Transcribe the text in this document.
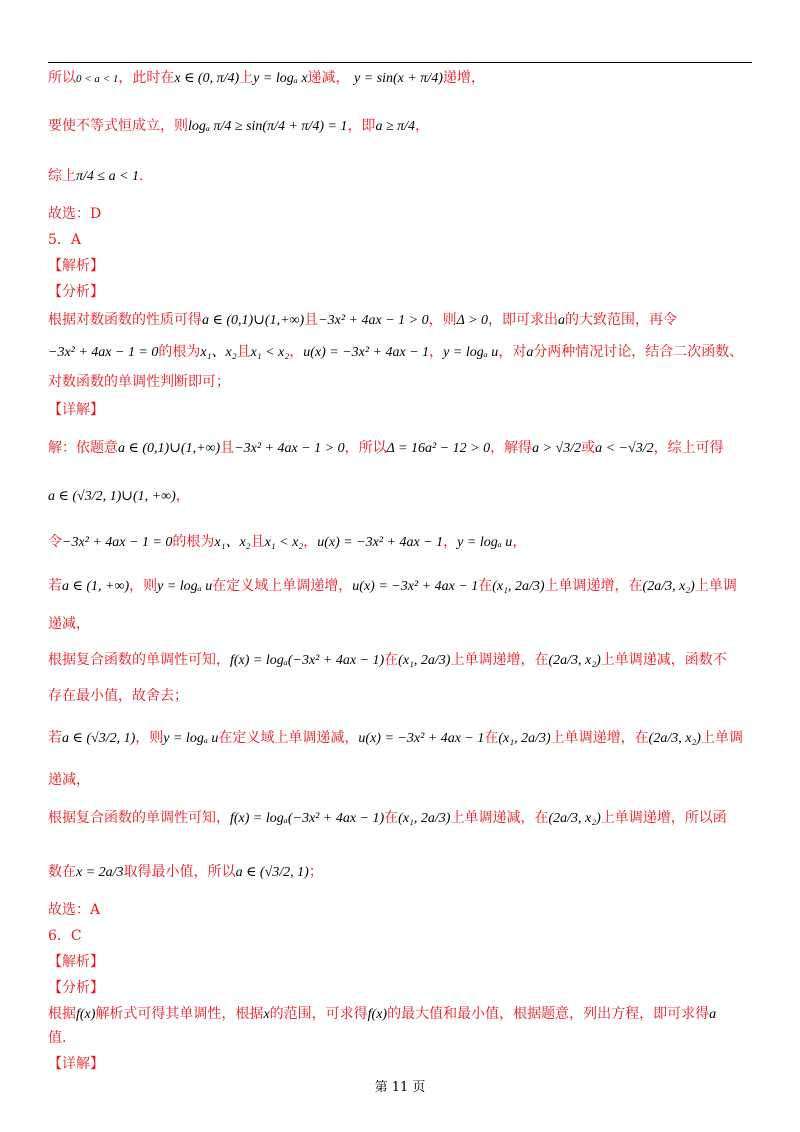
所以0 < a < 1，此时在x ∈ (0, π/4)上y = logₐ x递减， y = sin(x + π/4)递增，
要使不等式恒成立，则logₐ π/4 ≥ sin(π/4 + π/4) = 1，即a ≥ π/4，
综上π/4 ≤ a < 1.
故选：D
5．A
【解析】
【分析】
根据对数函数的性质可得a ∈ (0,1)∪(1,+∞)且−3x² + 4ax − 1 > 0，则Δ > 0，即可求出a的大致范围，再令
−3x² + 4ax − 1 = 0的根为x₁、x₂且x₁ < x₂，u(x) = −3x² + 4ax − 1，y = logₐ u，对a分两种情况讨论，结合二次函数、
对数函数的单调性判断即可；
【详解】
解：依题意a ∈ (0,1)∪(1,+∞)且−3x² + 4ax − 1 > 0，所以Δ = 16a² − 12 > 0，解得a > √3/2或a < −√3/2，综上可得
a ∈ (√3/2, 1)∪(1, +∞)，
令−3x² + 4ax − 1 = 0的根为x₁、x₂且x₁ < x₂，u(x) = −3x² + 4ax − 1，y = logₐ u，
若a ∈ (1, +∞)，则y = logₐ u在定义域上单调递增，u(x) = −3x² + 4ax − 1在(x₁, 2a/3)上单调递增，在(2a/3, x₂)上单调
递减，
根据复合函数的单调性可知，f(x) = logₐ(−3x² + 4ax − 1)在(x₁, 2a/3)上单调递增，在(2a/3, x₂)上单调递减，函数不
存在最小值，故舍去；
若a ∈ (√3/2, 1)，则y = logₐ u在定义域上单调递减，u(x) = −3x² + 4ax − 1在(x₁, 2a/3)上单调递增，在(2a/3, x₂)上单调
递减，
根据复合函数的单调性可知，f(x) = logₐ(−3x² + 4ax − 1)在(x₁, 2a/3)上单调递减，在(2a/3, x₂)上单调递增，所以函
数在x = 2a/3取得最小值，所以a ∈ (√3/2, 1)；
故选：A
6．C
【解析】
【分析】
根据f(x)解析式可得其单调性，根据x的范围，可求得f(x)的最大值和最小值，根据题意，列出方程，即可求得a
值.
【详解】
第 11 页
